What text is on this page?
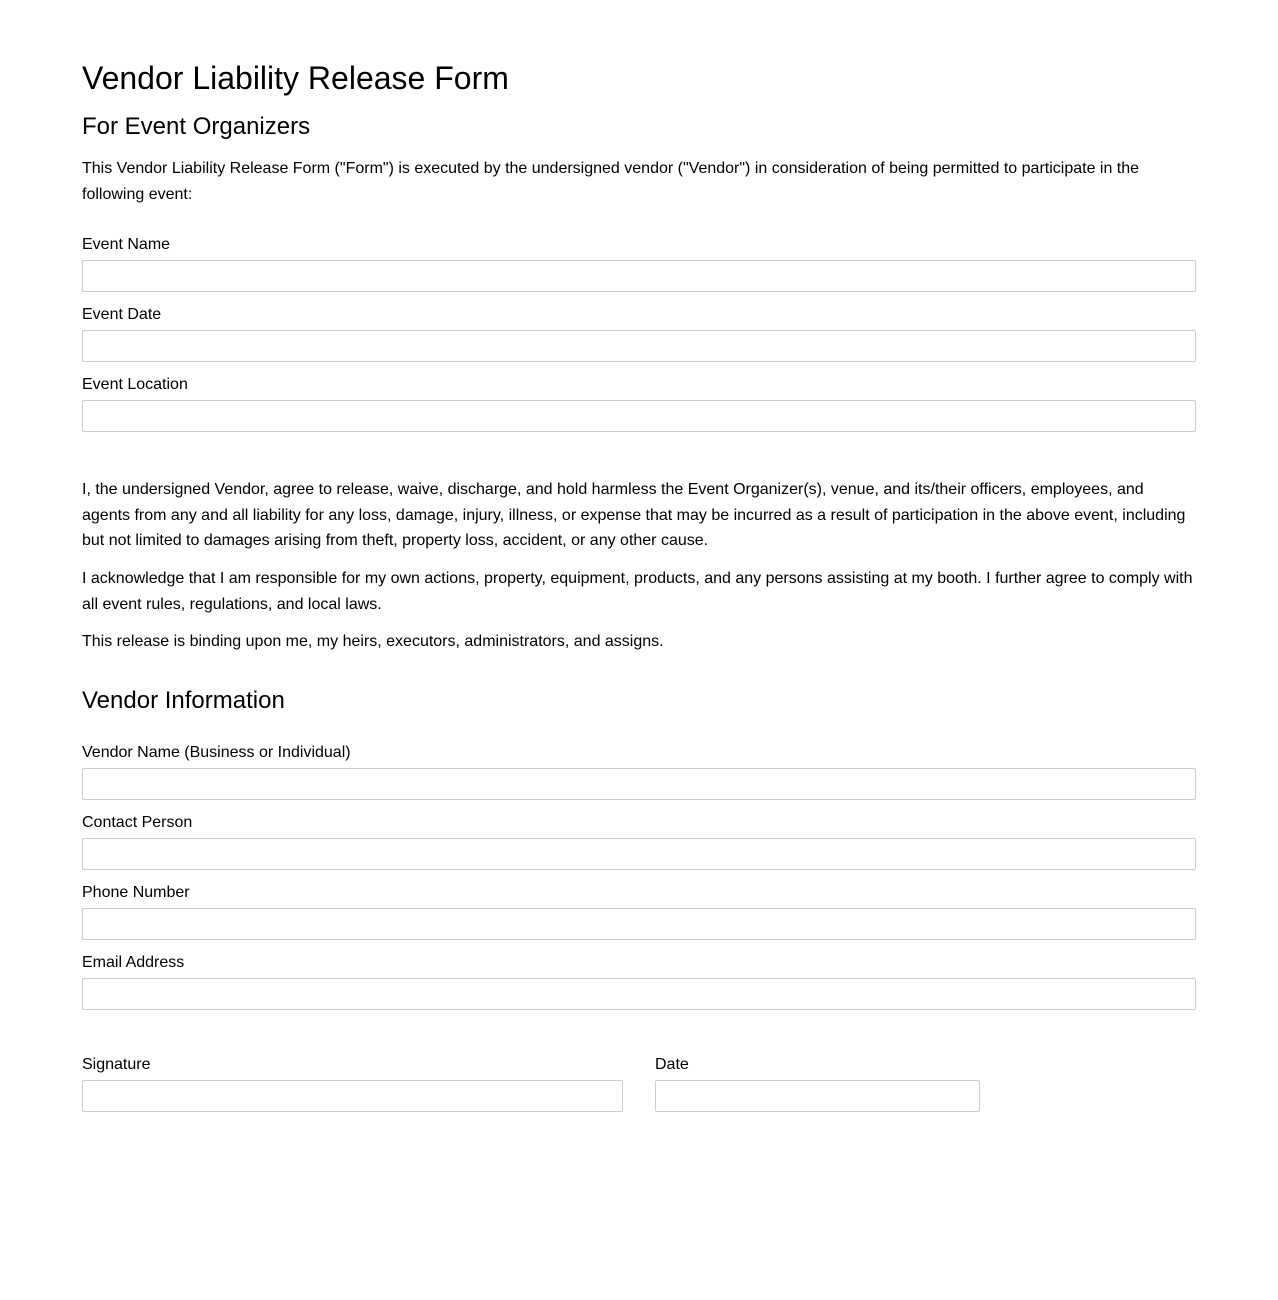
Vendor Liability Release Form
For Event Organizers

This Vendor Liability Release Form ("Form") is executed by the undersigned vendor ("Vendor") in consideration of being permitted to participate in the following event:

Event Name
Event Date
Event Location

I, the undersigned Vendor, agree to release, waive, discharge, and hold harmless the Event Organizer(s), venue, and its/their officers, employees, and agents from any and all liability for any loss, damage, injury, illness, or expense that may be incurred as a result of participation in the above event, including but not limited to damages arising from theft, property loss, accident, or any other cause.

I acknowledge that I am responsible for my own actions, property, equipment, products, and any persons assisting at my booth. I further agree to comply with all event rules, regulations, and local laws.

This release is binding upon me, my heirs, executors, administrators, and assigns.

Vendor Information
Vendor Name (Business or Individual)
Contact Person
Phone Number
Email Address
Signature	Date
